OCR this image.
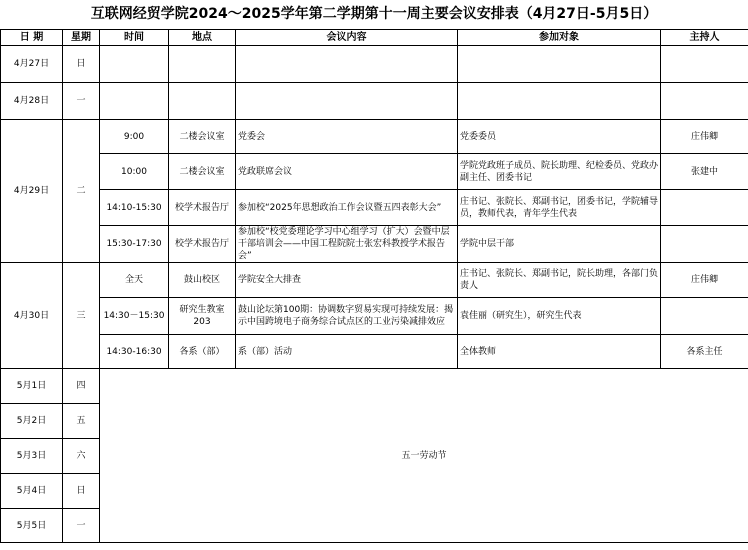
互联网经贸学院2024～2025学年第二学期第十一周主要会议安排表（4月27日-5月5日）
日 期	星期	时间	地点	会议内容	参加对象	主持人
4月27日	日					
4月28日	一					
4月29日	二	9:00	二楼会议室	党委会	党委委员	庄伟卿
		10:00	二楼会议室	党政联席会议	学院党政班子成员、院长助理、纪检委员、党政办副主任、团委书记	张建中
		14:10-15:30	校学术报告厅	参加校“2025年思想政治工作会议暨五四表彰大会”	庄书记、张院长、郑副书记，团委书记，学院辅导员，教师代表，青年学生代表	
		15:30-17:30	校学术报告厅	参加校“校党委理论学习中心组学习（扩大）会暨中层干部培训会——中国工程院院士张宏科教授学术报告会”	学院中层干部	
4月30日	三	全天	鼓山校区	学院安全大排查	庄书记、张院长、郑副书记，院长助理，各部门负责人	庄伟卿
		14:30－15:30	研究生教室203	鼓山论坛第100期：协调数字贸易实现可持续发展：揭示中国跨境电子商务综合试点区的工业污染减排效应	袁佳丽（研究生），研究生代表	
		14:30-16:30	各系（部）	系（部）活动	全体教师	各系主任
5月1日	四	五一劳动节				
5月2日	五					
5月3日	六					
5月4日	日					
5月5日	一					
